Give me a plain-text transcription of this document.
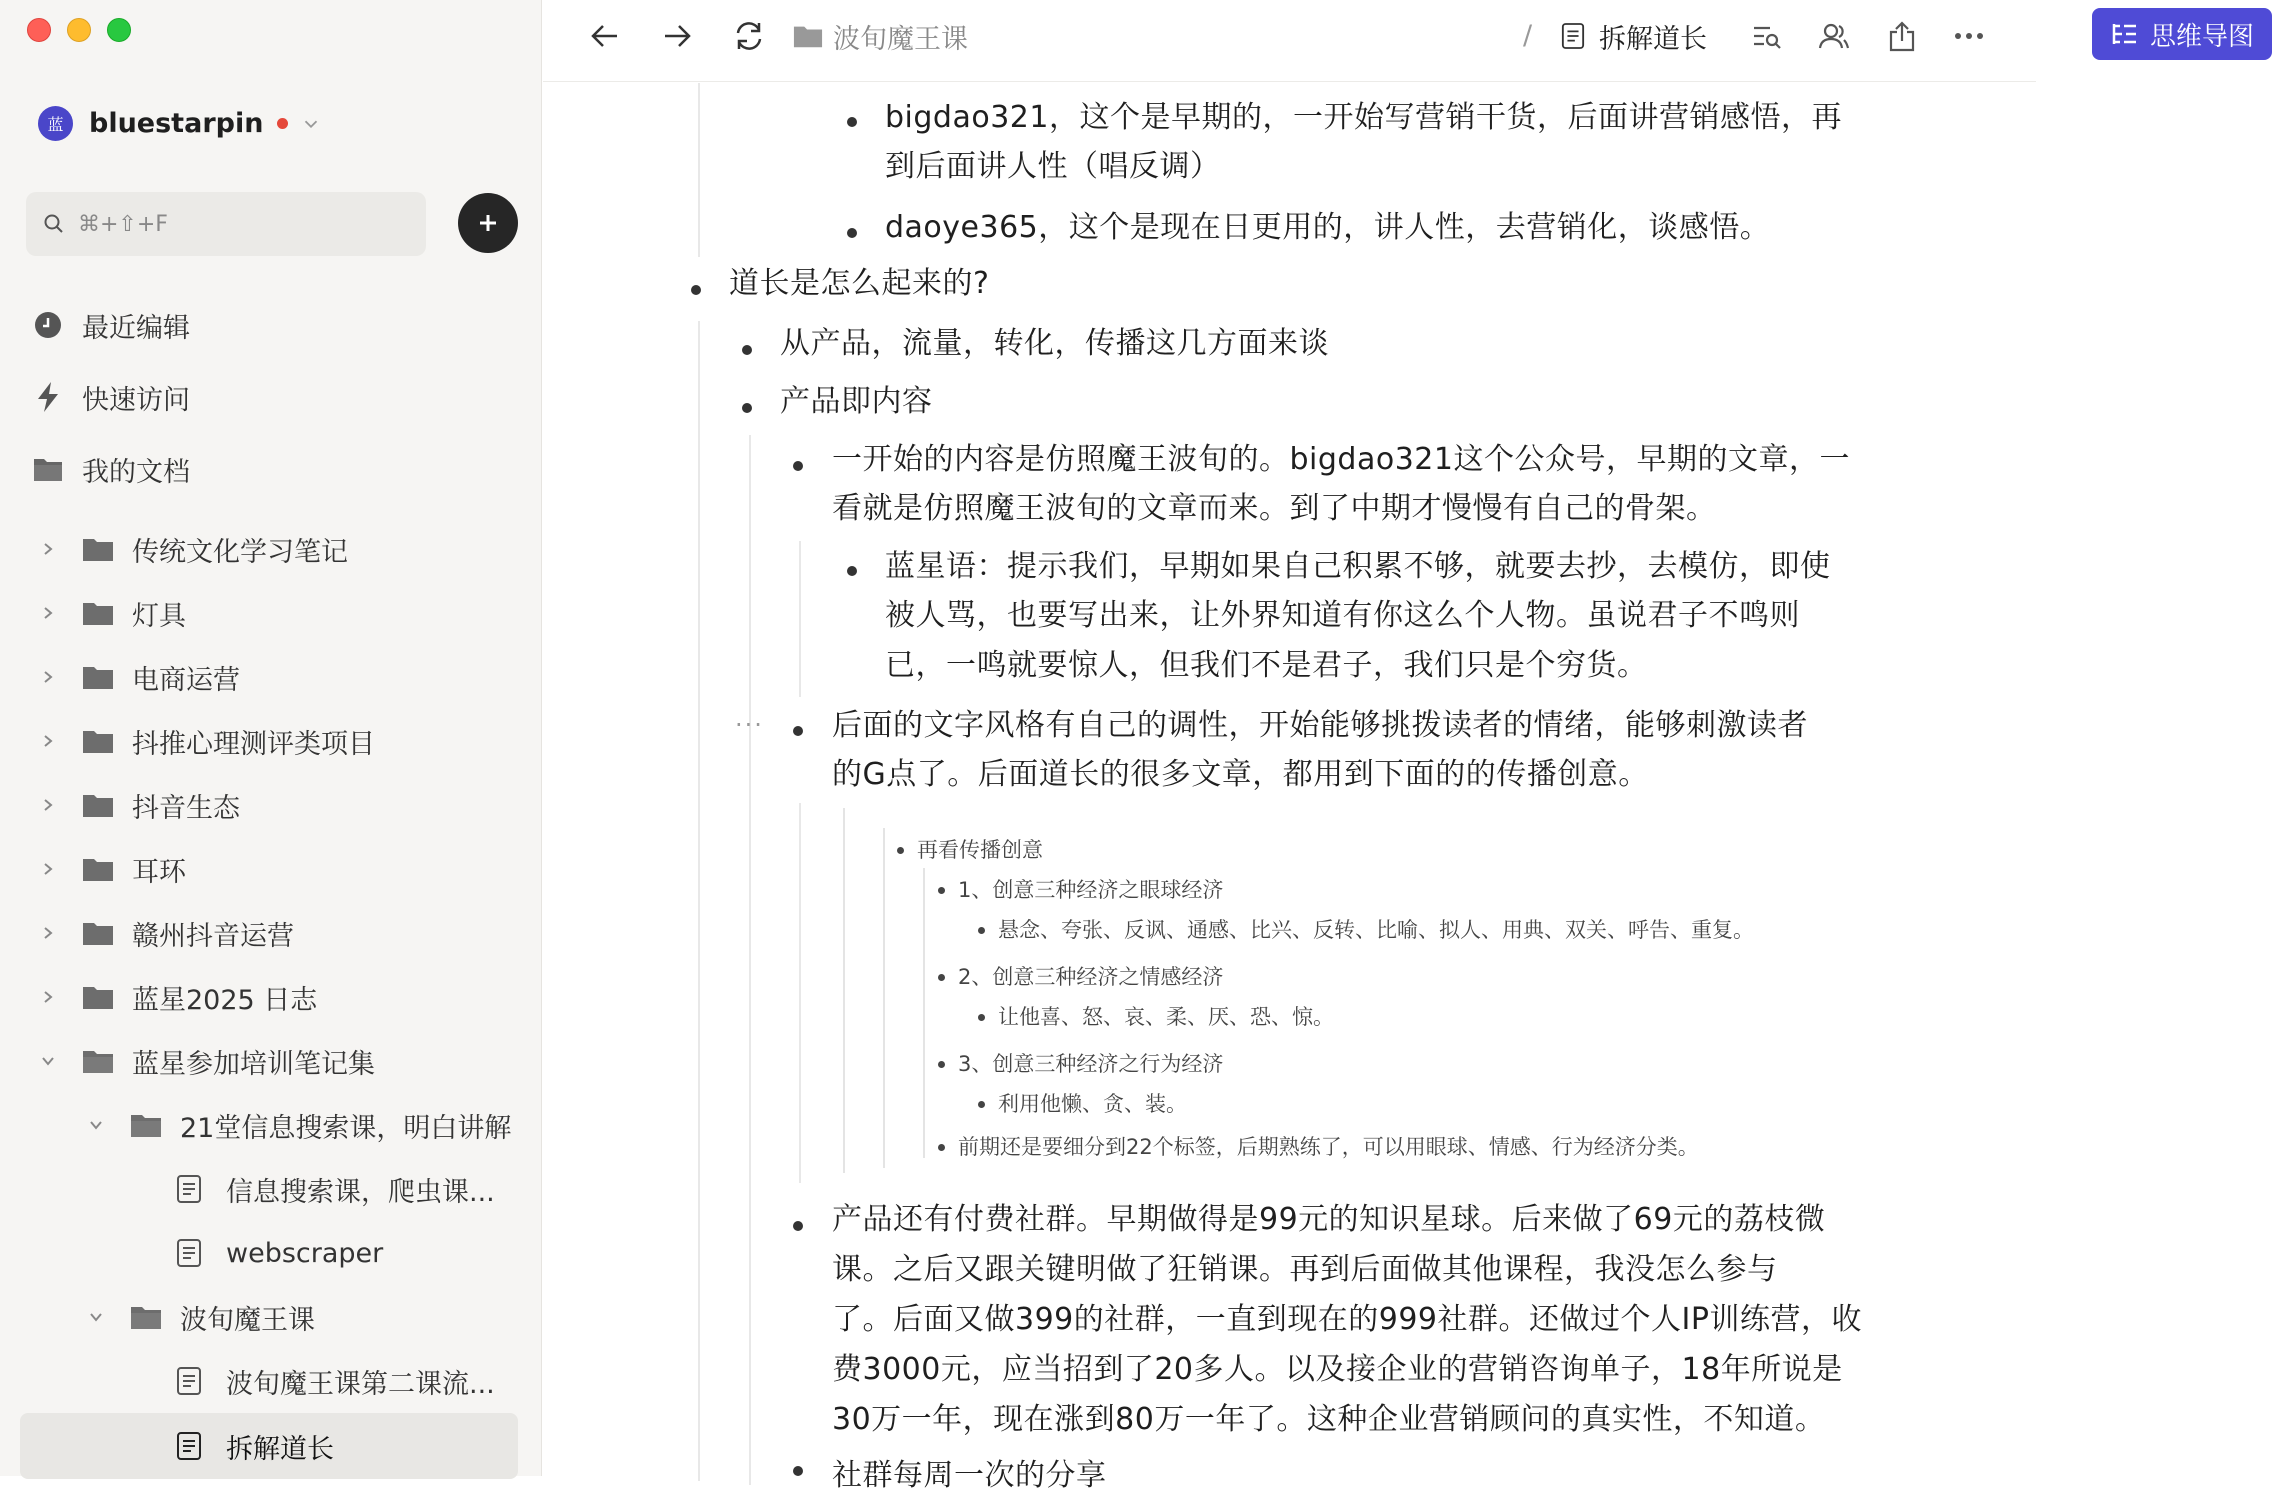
蓝 bluestarpin
⌘+⇧+F
最近编辑
快速访问
我的文档
传统文化学习笔记
灯具
电商运营
抖推心理测评类项目
抖音生态
耳环
赣州抖音运营
蓝星2025 日志
蓝星参加培训笔记集
21堂信息搜索课，明白讲解
信息搜索课，爬虫课...
webscraper
波旬魔王课
波旬魔王课第二课流...
拆解道长
波旬魔王课	/ 拆解道长	思维导图
···
bigdao321，这个是早期的，一开始写营销干货，后面讲营销感悟，再
到后面讲人性（唱反调）
daoye365，这个是现在日更用的，讲人性，去营销化，谈感悟。
道长是怎么起来的?
从产品，流量，转化，传播这几方面来谈
产品即内容
一开始的内容是仿照魔王波旬的。bigdao321这个公众号，早期的文章，一
看就是仿照魔王波旬的文章而来。到了中期才慢慢有自己的骨架。
蓝星语：提示我们，早期如果自己积累不够，就要去抄，去模仿，即使
被人骂，也要写出来，让外界知道有你这么个人物。虽说君子不鸣则
已，一鸣就要惊人，但我们不是君子，我们只是个穷货。
后面的文字风格有自己的调性，开始能够挑拨读者的情绪，能够刺激读者
的G点了。后面道长的很多文章，都用到下面的的传播创意。
再看传播创意
1、创意三种经济之眼球经济
悬念、夸张、反讽、通感、比兴、反转、比喻、拟人、用典、双关、呼告、重复。
2、创意三种经济之情感经济
让他喜、怒、哀、柔、厌、恐、惊。
3、创意三种经济之行为经济
利用他懒、贪、装。
前期还是要细分到22个标签，后期熟练了，可以用眼球、情感、行为经济分类。
产品还有付费社群。早期做得是99元的知识星球。后来做了69元的荔枝微
课。之后又跟关键明做了狂销课。再到后面做其他课程，我没怎么参与
了。后面又做399的社群，一直到现在的999社群。还做过个人IP训练营，收
费3000元，应当招到了20多人。以及接企业的营销咨询单子，18年所说是
30万一年，现在涨到80万一年了。这种企业营销顾问的真实性，不知道。
社群每周一次的分享
